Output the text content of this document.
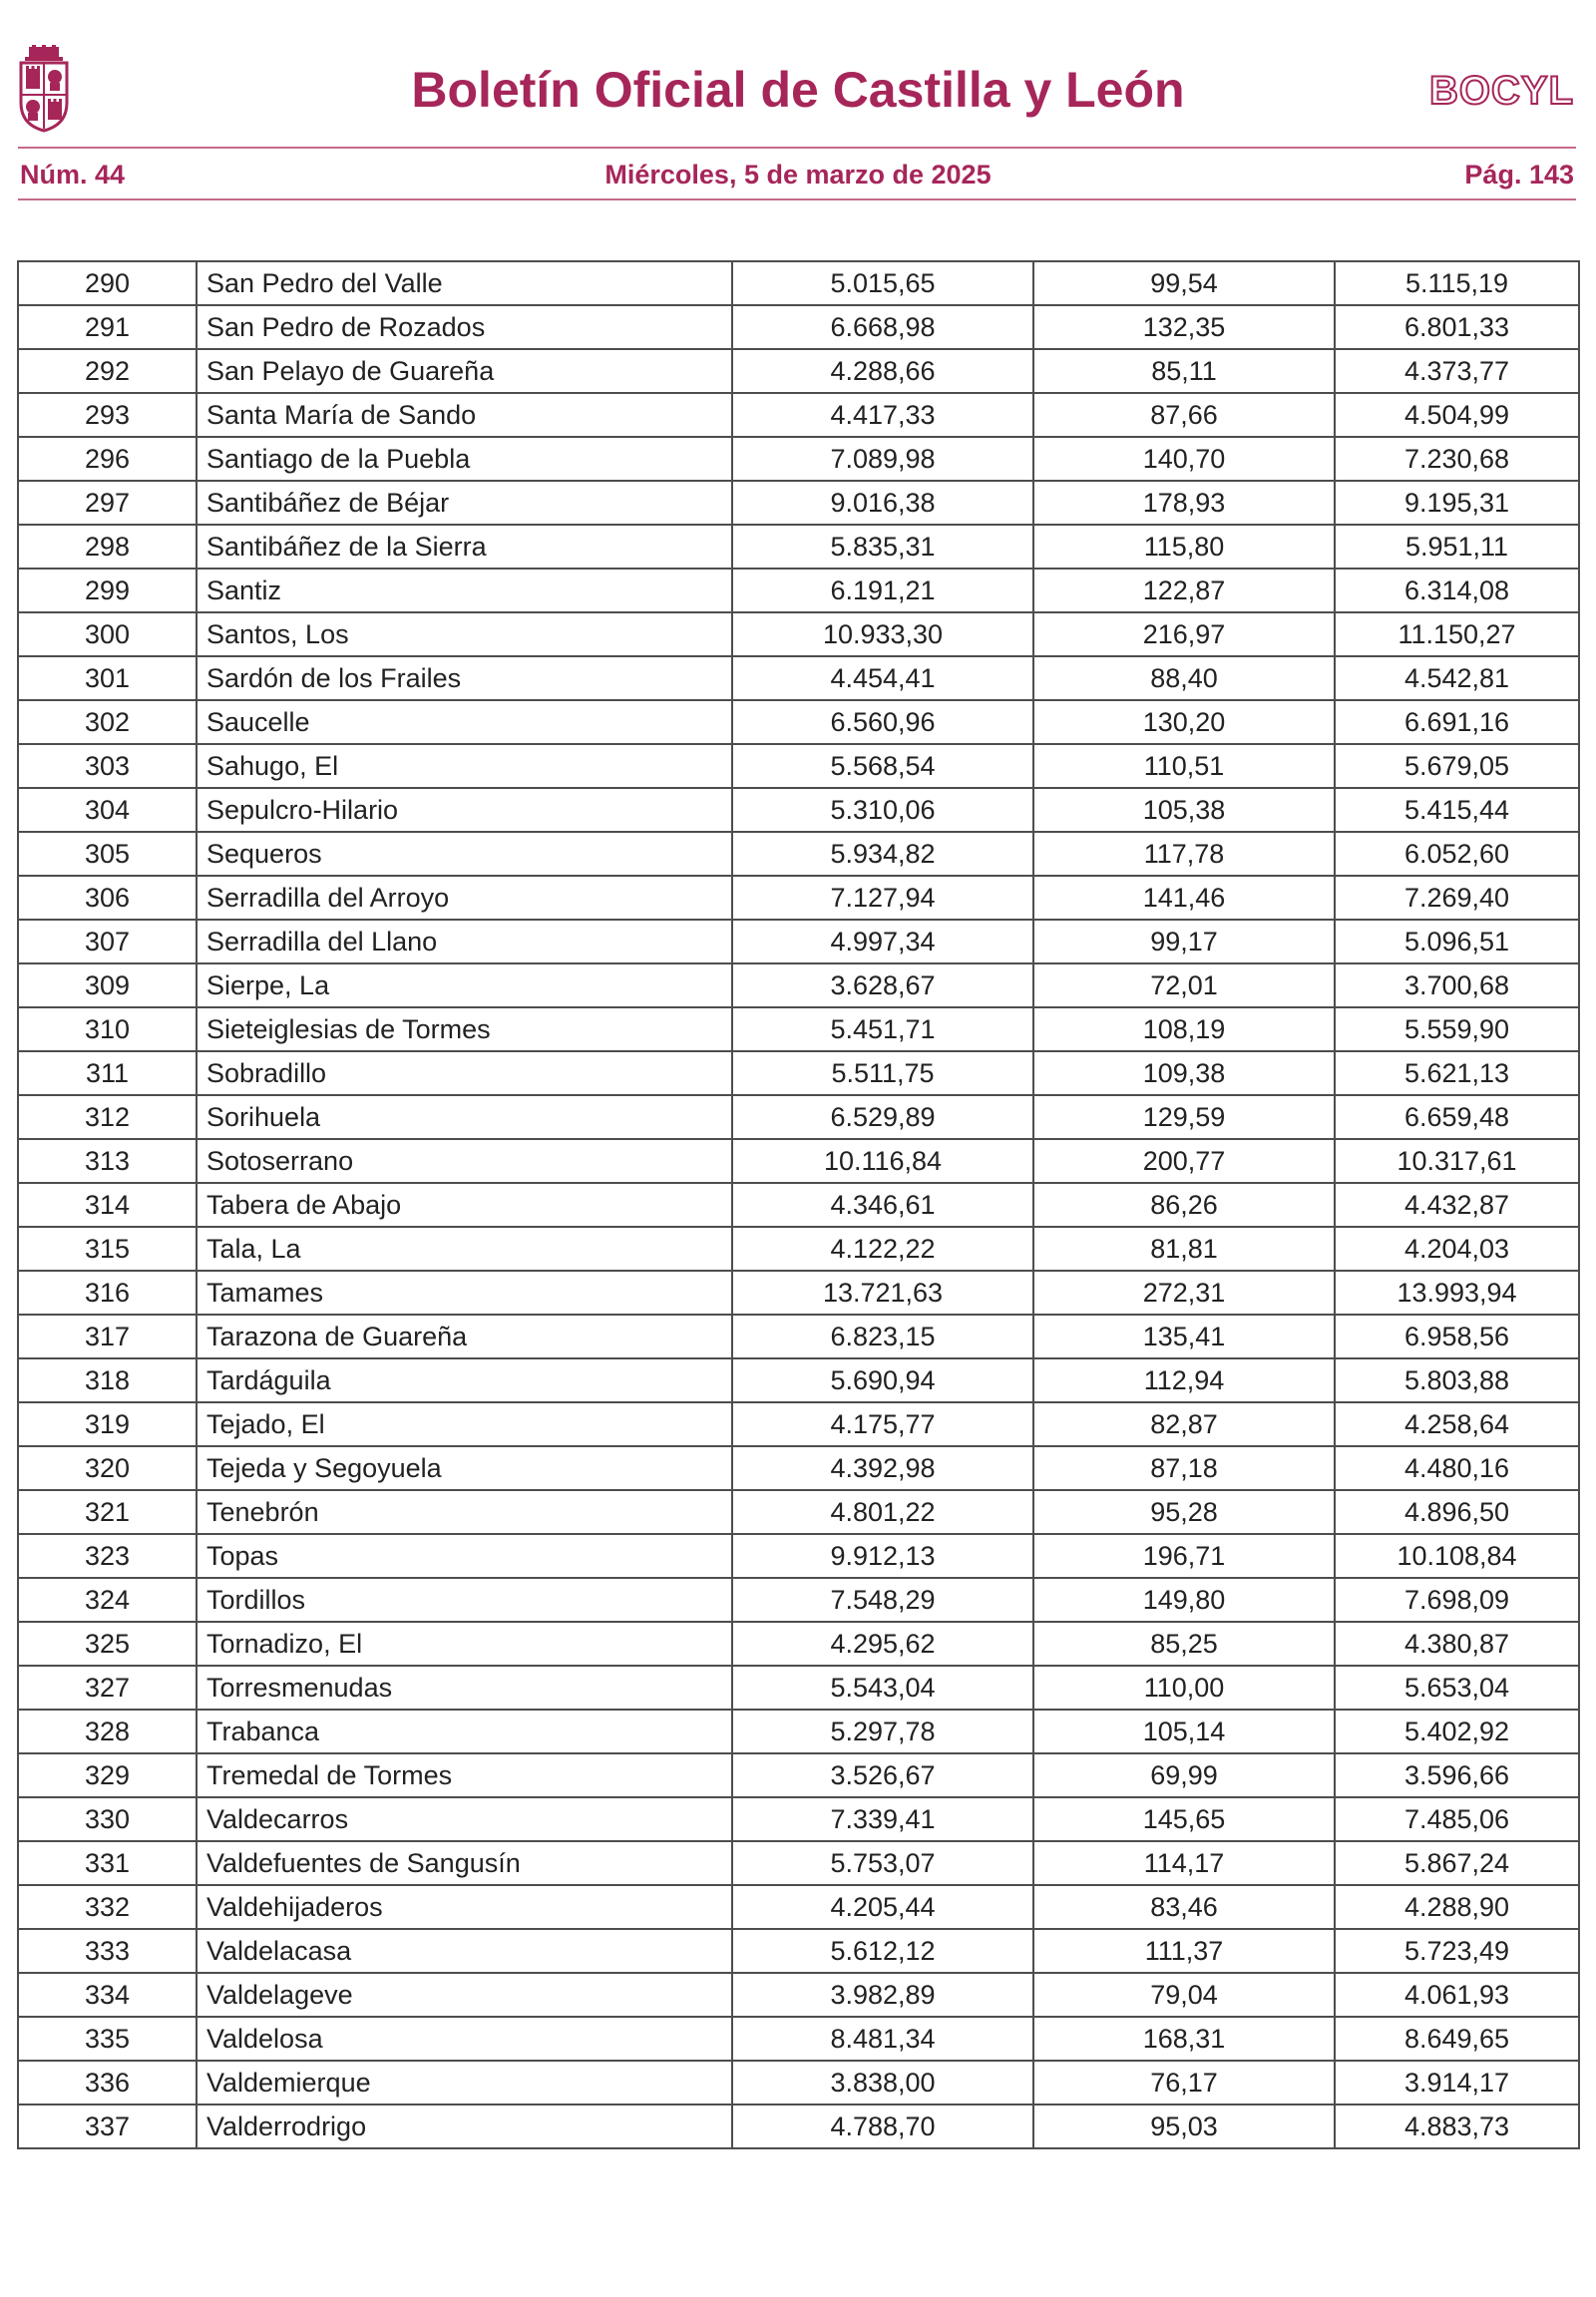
Boletín Oficial de Castilla y León	BOCYL
Núm. 44	Miércoles, 5 de marzo de 2025	Pág. 143
290	San Pedro del Valle	5.015,65	99,54	5.115,19
291	San Pedro de Rozados	6.668,98	132,35	6.801,33
292	San Pelayo de Guareña	4.288,66	85,11	4.373,77
293	Santa María de Sando	4.417,33	87,66	4.504,99
296	Santiago de la Puebla	7.089,98	140,70	7.230,68
297	Santibáñez de Béjar	9.016,38	178,93	9.195,31
298	Santibáñez de la Sierra	5.835,31	115,80	5.951,11
299	Santiz	6.191,21	122,87	6.314,08
300	Santos, Los	10.933,30	216,97	11.150,27
301	Sardón de los Frailes	4.454,41	88,40	4.542,81
302	Saucelle	6.560,96	130,20	6.691,16
303	Sahugo, El	5.568,54	110,51	5.679,05
304	Sepulcro-Hilario	5.310,06	105,38	5.415,44
305	Sequeros	5.934,82	117,78	6.052,60
306	Serradilla del Arroyo	7.127,94	141,46	7.269,40
307	Serradilla del Llano	4.997,34	99,17	5.096,51
309	Sierpe, La	3.628,67	72,01	3.700,68
310	Sieteiglesias de Tormes	5.451,71	108,19	5.559,90
311	Sobradillo	5.511,75	109,38	5.621,13
312	Sorihuela	6.529,89	129,59	6.659,48
313	Sotoserrano	10.116,84	200,77	10.317,61
314	Tabera de Abajo	4.346,61	86,26	4.432,87
315	Tala, La	4.122,22	81,81	4.204,03
316	Tamames	13.721,63	272,31	13.993,94
317	Tarazona de Guareña	6.823,15	135,41	6.958,56
318	Tardáguila	5.690,94	112,94	5.803,88
319	Tejado, El	4.175,77	82,87	4.258,64
320	Tejeda y Segoyuela	4.392,98	87,18	4.480,16
321	Tenebrón	4.801,22	95,28	4.896,50
323	Topas	9.912,13	196,71	10.108,84
324	Tordillos	7.548,29	149,80	7.698,09
325	Tornadizo, El	4.295,62	85,25	4.380,87
327	Torresmenudas	5.543,04	110,00	5.653,04
328	Trabanca	5.297,78	105,14	5.402,92
329	Tremedal de Tormes	3.526,67	69,99	3.596,66
330	Valdecarros	7.339,41	145,65	7.485,06
331	Valdefuentes de Sangusín	5.753,07	114,17	5.867,24
332	Valdehijaderos	4.205,44	83,46	4.288,90
333	Valdelacasa	5.612,12	111,37	5.723,49
334	Valdelageve	3.982,89	79,04	4.061,93
335	Valdelosa	8.481,34	168,31	8.649,65
336	Valdemierque	3.838,00	76,17	3.914,17
337	Valderrodrigo	4.788,70	95,03	4.883,73
